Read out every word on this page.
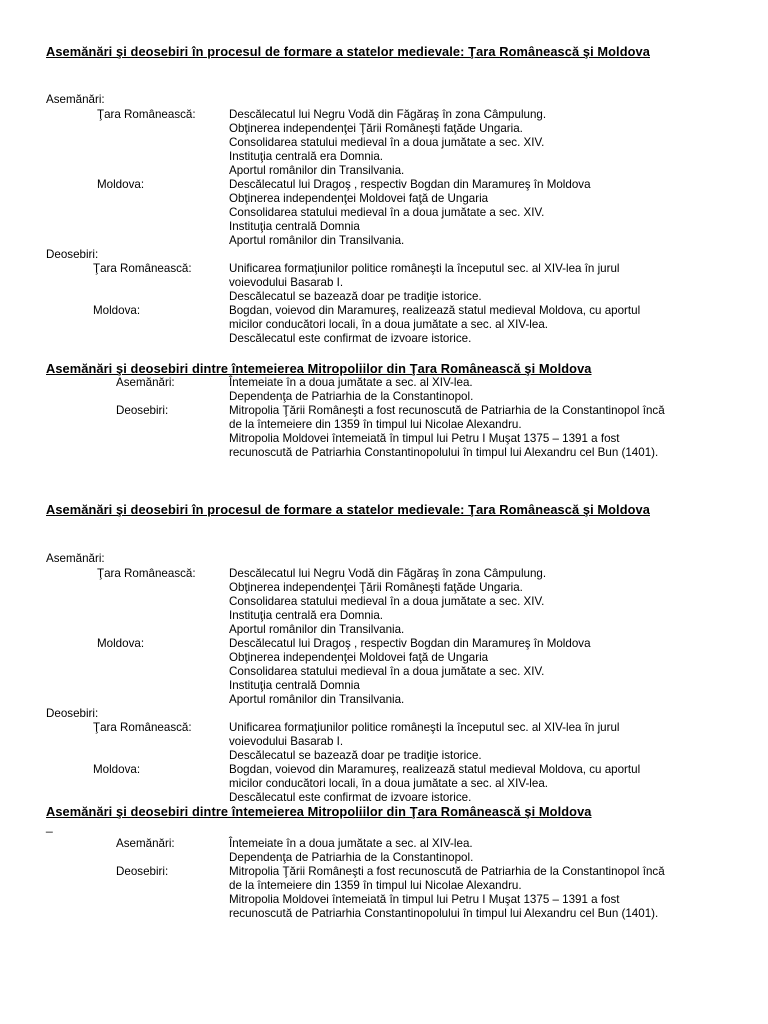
Asemănări şi deosebiri în procesul de formare a statelor medievale: Ţara Românească şi Moldova
Asemănări:
Ţara Românească:	Descălecatul lui Negru Vodă din Făgăraş în zona Câmpulung.
Obţinerea independenţei Ţării Româneşti faţăde Ungaria.
Consolidarea statului medieval în a doua jumătate a sec. XIV.
Instituţia centrală era Domnia.
Aportul românilor din Transilvania.
Moldova:	Descălecatul lui Dragoş , respectiv Bogdan din Maramureş în Moldova
Obţinerea independenţei Moldovei faţă de Ungaria
Consolidarea statului medieval în a doua jumătate a sec. XIV.
Instituţia centrală Domnia
Aportul românilor din Transilvania.
Deosebiri:
Ţara Românească:	Unificarea formaţiunilor politice româneşti la începutul sec. al XIV-lea în jurul
voievodului Basarab I.
Descălecatul se bazează doar pe tradiţie istorice.
Moldova:	Bogdan, voievod din Maramureş, realizează statul medieval Moldova, cu aportul
micilor conducători locali, în a doua jumătate a sec. al XIV-lea.
Descălecatul este confirmat de izvoare istorice.
Asemănări şi deosebiri dintre întemeierea Mitropoliilor din Ţara Românească şi Moldova
Asemănări:	Întemeiate în a doua jumătate a sec. al XIV-lea.
Dependenţa de Patriarhia de la Constantinopol.
Deosebiri:	Mitropolia Ţării Româneşti a fost recunoscută de Patriarhia de la Constantinopol încă
de la întemeiere din 1359 în timpul lui Nicolae Alexandru.
Mitropolia Moldovei întemeiată în timpul lui Petru I Muşat 1375 – 1391 a fost
recunoscută de Patriarhia Constantinopolului în timpul lui Alexandru cel Bun (1401).
Asemănări şi deosebiri în procesul de formare a statelor medievale: Ţara Românească şi Moldova
Asemănări:
Ţara Românească:	Descălecatul lui Negru Vodă din Făgăraş în zona Câmpulung.
Obţinerea independenţei Ţării Româneşti faţăde Ungaria.
Consolidarea statului medieval în a doua jumătate a sec. XIV.
Instituţia centrală era Domnia.
Aportul românilor din Transilvania.
Moldova:	Descălecatul lui Dragoş , respectiv Bogdan din Maramureş în Moldova
Obţinerea independenţei Moldovei faţă de Ungaria
Consolidarea statului medieval în a doua jumătate a sec. XIV.
Instituţia centrală Domnia
Aportul românilor din Transilvania.
Deosebiri:
Ţara Românească:	Unificarea formaţiunilor politice româneşti la începutul sec. al XIV-lea în jurul
voievodului Basarab I.
Descălecatul se bazează doar pe tradiţie istorice.
Moldova:	Bogdan, voievod din Maramureş, realizează statul medieval Moldova, cu aportul
micilor conducători locali, în a doua jumătate a sec. al XIV-lea.
Descălecatul este confirmat de izvoare istorice.
Asemănări şi deosebiri dintre întemeierea Mitropoliilor din Ţara Românească şi Moldova
_
Asemănări:	Întemeiate în a doua jumătate a sec. al XIV-lea.
Dependenţa de Patriarhia de la Constantinopol.
Deosebiri:	Mitropolia Ţării Româneşti a fost recunoscută de Patriarhia de la Constantinopol încă
de la întemeiere din 1359 în timpul lui Nicolae Alexandru.
Mitropolia Moldovei întemeiată în timpul lui Petru I Muşat 1375 – 1391 a fost
recunoscută de Patriarhia Constantinopolului în timpul lui Alexandru cel Bun (1401).
